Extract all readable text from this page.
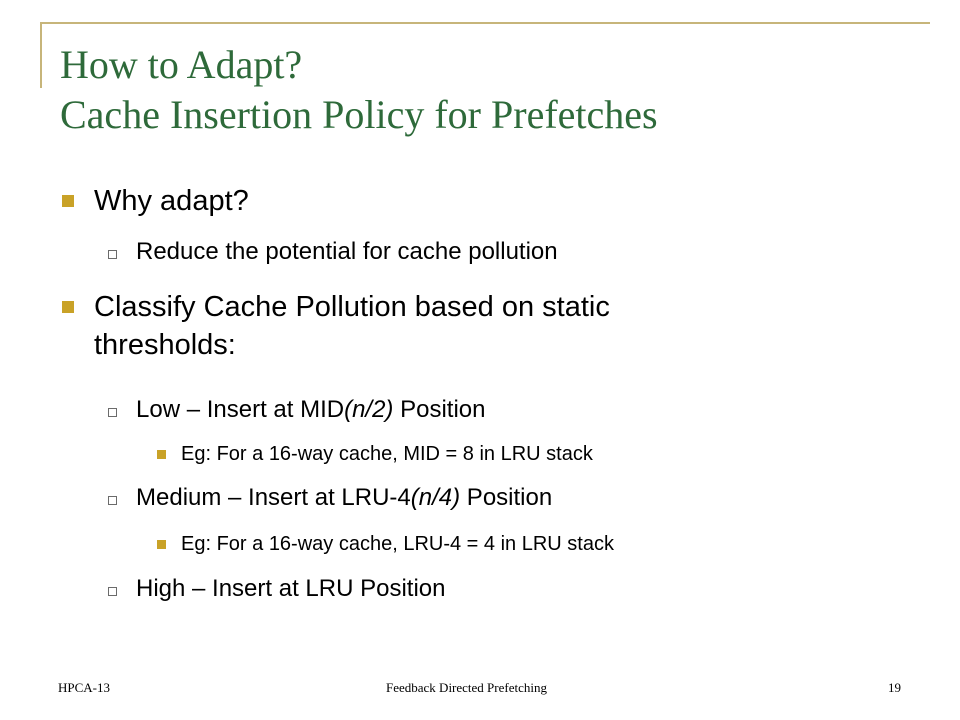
How to Adapt?
Cache Insertion Policy for Prefetches
Why adapt?
Reduce the potential for cache pollution
Classify Cache Pollution based on static
thresholds:
Low – Insert at MID(n/2) Position
Eg: For a 16-way cache, MID = 8 in LRU stack
Medium – Insert at LRU-4(n/4) Position
Eg: For a 16-way cache, LRU-4 = 4 in LRU stack
High – Insert at LRU Position
HPCA-13	Feedback Directed Prefetching	19
